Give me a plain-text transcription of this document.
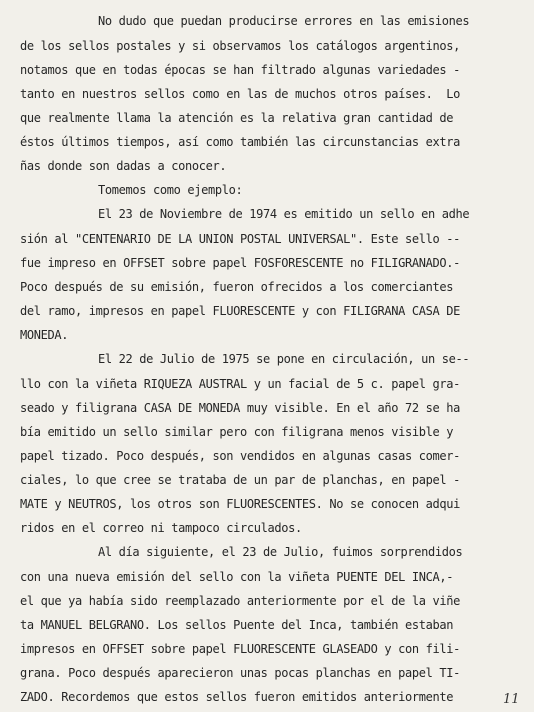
No dudo que puedan producirse errores en las emisiones
de los sellos postales y si observamos los catálogos argentinos,
notamos que en todas épocas se han filtrado algunas variedades -
tanto en nuestros sellos como en las de muchos otros países.  Lo
que realmente llama la atención es la relativa gran cantidad de
éstos últimos tiempos, así como también las circunstancias extra
ñas donde son dadas a conocer.
Tomemos como ejemplo:
El 23 de Noviembre de 1974 es emitido un sello en adhe
sión al "CENTENARIO DE LA UNION POSTAL UNIVERSAL". Este sello --
fue impreso en OFFSET sobre papel FOSFORESCENTE no FILIGRANADO.-
Poco después de su emisión, fueron ofrecidos a los comerciantes
del ramo, impresos en papel FLUORESCENTE y con FILIGRANA CASA DE
MONEDA.
El 22 de Julio de 1975 se pone en circulación, un se--
llo con la viñeta RIQUEZA AUSTRAL y un facial de 5 c. papel gra-
seado y filigrana CASA DE MONEDA muy visible. En el año 72 se ha
bía emitido un sello similar pero con filigrana menos visible y
papel tizado. Poco después, son vendidos en algunas casas comer-
ciales, lo que cree se trataba de un par de planchas, en papel -
MATE y NEUTROS, los otros son FLUORESCENTES. No se conocen adqui
ridos en el correo ni tampoco circulados.
Al día siguiente, el 23 de Julio, fuimos sorprendidos
con una nueva emisión del sello con la viñeta PUENTE DEL INCA,-
el que ya había sido reemplazado anteriormente por el de la viñe
ta MANUEL BELGRANO. Los sellos Puente del Inca, también estaban
impresos en OFFSET sobre papel FLUORESCENTE GLASEADO y con fili-
grana. Poco después aparecieron unas pocas planchas en papel TI-
ZADO. Recordemos que estos sellos fueron emitidos anteriormente	11
